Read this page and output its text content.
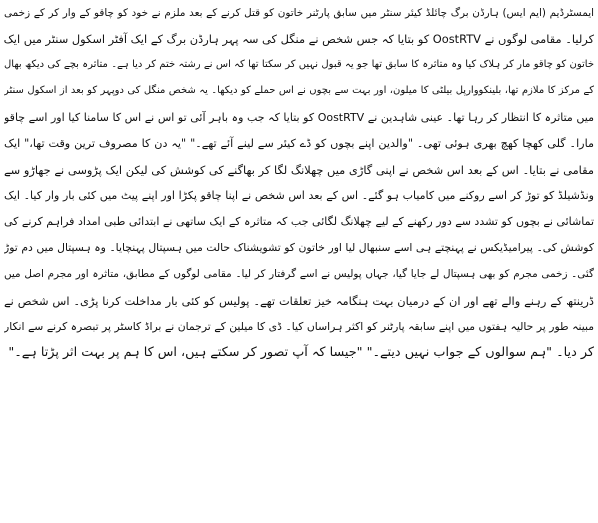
ایمسٹرڈیم (ایم ایس) ہارڈن برگ چائلڈ کیئر سنٹر میں سابق پارٹنر خاتون کو قتل کرنے کے بعد ملزم نے خود کو چاقو کے وار کر کے زخمی
کرلیا۔ مقامی لوگوں نے OostRTV کو بتایا کہ جس شخص نے منگل کی سہ پہر ہارڈن برگ کے ایک آفٹر اسکول سنٹر میں ایک
خاتون کو چاقو مار کر ہلاک کیا وہ متاثرہ کا سابق تھا جو یہ قبول نہیں کر سکتا تھا کہ اس نے رشتہ ختم کر دیا ہے۔ متاثرہ بچے کی دیکھ بھال
کے مرکز کا ملازم تھا، بلینکووارپل بیلٹی کا میلون، اور بہت سے بچوں نے اس حملے کو دیکھا۔ یہ شخص منگل کی دوپہر کو بعد از اسکول سنٹر
میں متاثرہ کا انتظار کر رہا تھا۔ عینی شاہدین نے OostRTV کو بتایا کہ جب وہ باہر آئی تو اس نے اس کا سامنا کیا اور اسے چاقو
مارا۔ گلی کھچا کھچ بھری ہوئی تھی۔ "والدین اپنے بچوں کو ڈے کیئر سے لینے آئے تھے۔" "یہ دن کا مصروف ترین وقت تھا،" ایک
مقامی نے بتایا۔ اس کے بعد اس شخص نے اپنی گاڑی میں چھلانگ لگا کر بھاگنے کی کوشش کی لیکن ایک پڑوسی نے جھاڑو سے
ونڈشیلڈ کو توڑ کر اسے روکنے میں کامیاب ہو گئے۔ اس کے بعد اس شخص نے اپنا چاقو پکڑا اور اپنے پیٹ میں کئی بار وار کیا۔ ایک
تماشائی نے بچوں کو تشدد سے دور رکھنے کے لیے چھلانگ لگائی جب کہ متاثرہ کے ایک ساتھی نے ابتدائی طبی امداد فراہم کرنے کی
کوشش کی۔ پیرامیڈیکس نے پہنچتے ہی اسے سنبھال لیا اور خاتون کو تشویشناک حالت میں ہسپتال پہنچایا۔ وہ ہسپتال میں دم توڑ
گئی۔ زخمی مجرم کو بھی ہسپتال لے جایا گیا، جہاں پولیس نے اسے گرفتار کر لیا۔ مقامی لوگوں کے مطابق، متاثرہ اور مجرم اصل میں
ڈرینتھ کے رہنے والے تھے اور ان کے درمیان بہت ہنگامہ خیز تعلقات تھے۔ پولیس کو کئی بار مداخلت کرنا پڑی۔ اس شخص نے
مبینہ طور پر حالیہ ہفتوں میں اپنے سابقہ پارٹنر کو اکثر ہراساں کیا۔ ڈی کا میلین کے ترجمان نے براڈ کاسٹر پر تبصرہ کرنے سے انکار
کر دیا۔ "ہم سوالوں کے جواب نہیں دیتے۔" "جیسا کہ آپ تصور کر سکتے ہیں، اس کا ہم پر بہت اثر پڑتا ہے۔"
